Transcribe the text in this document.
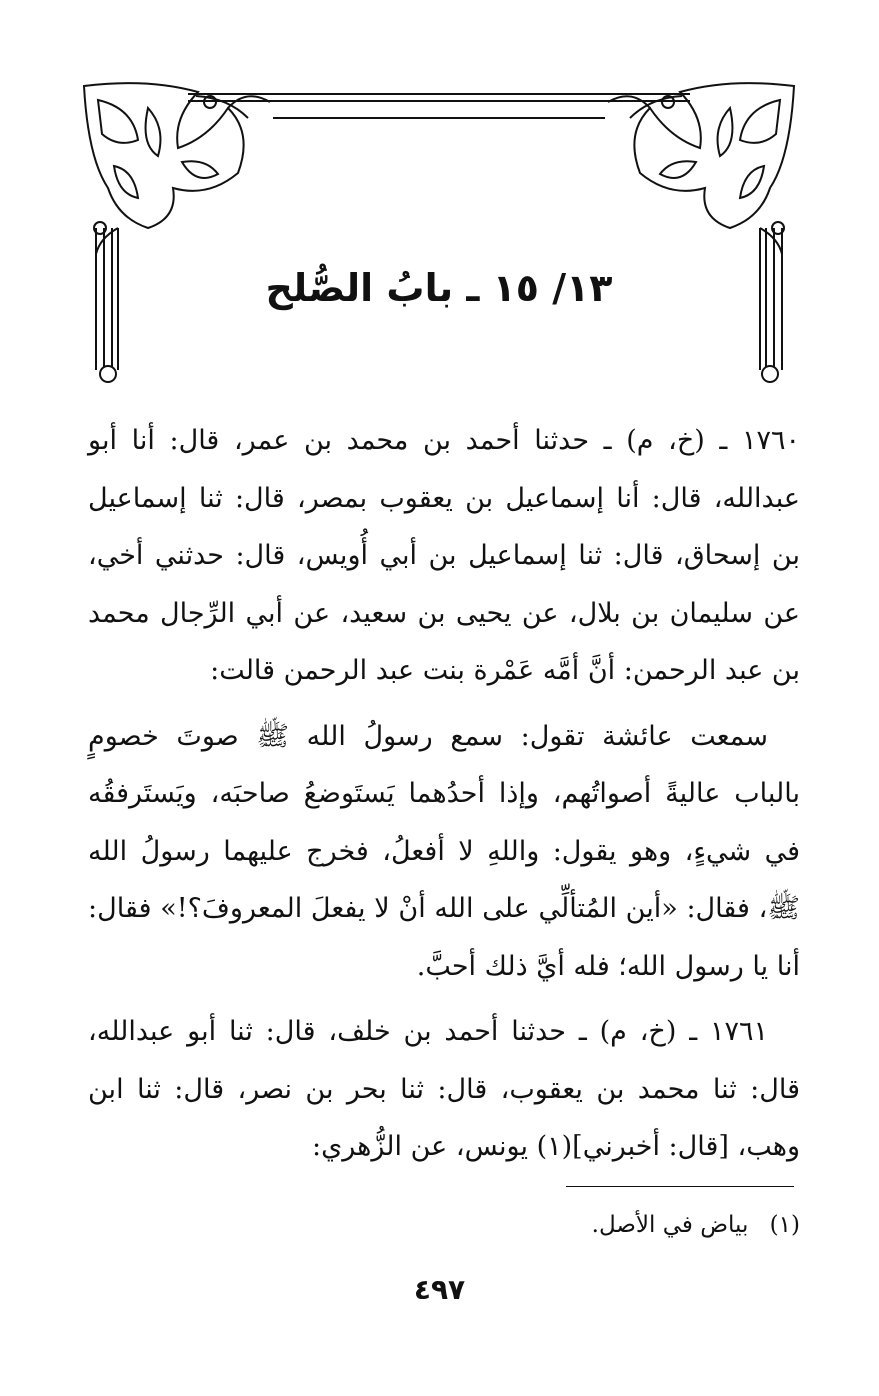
١٣/ ١٥ ـ بابُ الصُّلح

١٧٦٠ ـ (خ، م) ـ حدثنا أحمد بن محمد بن عمر، قال: أنا أبو عبدالله، قال: أنا إسماعيل بن يعقوب بمصر، قال: ثنا إسماعيل بن إسحاق، قال: ثنا إسماعيل بن أبي أُويس، قال: حدثني أخي، عن سليمان بن بلال، عن يحيى بن سعيد، عن أبي الرِّجال محمد بن عبد الرحمن: أنَّ أمَّه عَمْرة بنت عبد الرحمن قالت:

سمعت عائشة تقول: سمع رسولُ الله ﷺ صوتَ خصومٍ بالباب عاليةً أصواتُهم، وإذا أحدُهما يَستَوضعُ صاحبَه، ويَستَرفقُه في شيءٍ، وهو يقول: واللهِ لا أفعلُ، فخرج عليهما رسولُ الله ﷺ، فقال: «أين المُتألِّي على الله أنْ لا يفعلَ المعروفَ؟!» فقال: أنا يا رسول الله؛ فله أيَّ ذلك أحبَّ.

١٧٦١ ـ (خ، م) ـ حدثنا أحمد بن خلف، قال: ثنا أبو عبدالله، قال: ثنا محمد بن يعقوب، قال: ثنا بحر بن نصر، قال: ثنا ابن وهب، [قال: أخبرني](١) يونس، عن الزُّهري:

(١) بياض في الأصل.
٤٩٧
